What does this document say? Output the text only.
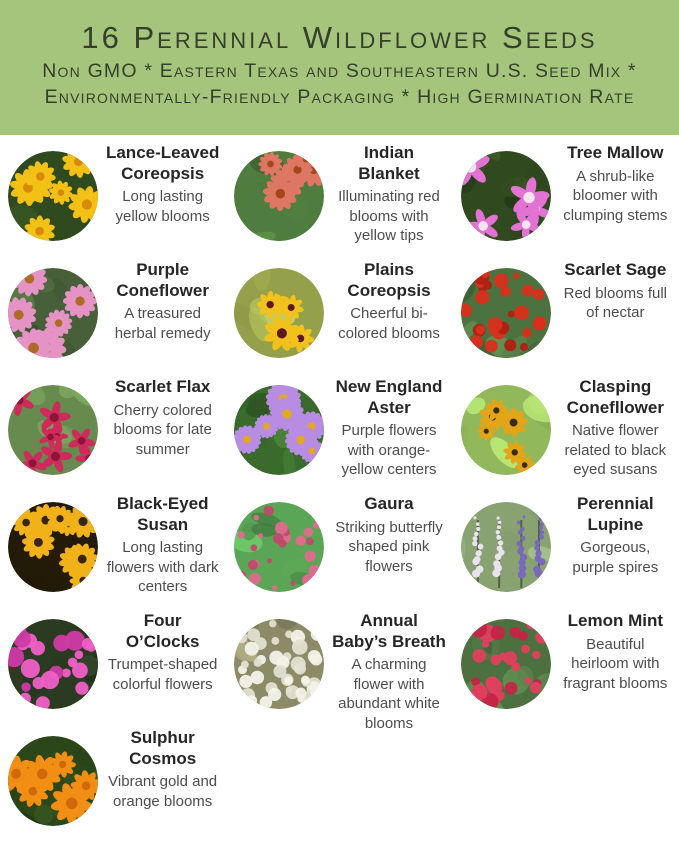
16 Perennial Wildflower Seeds
Non GMO * Eastern Texas and Southeastern U.S. Seed Mix * Environmentally-Friendly Packaging * High Germination Rate
Lance-Leaved Coreopsis
Long lasting yellow blooms
Indian Blanket
Illuminating red blooms with yellow tips
Tree Mallow
A shrub-like bloomer with clumping stems
Purple Coneflower
A treasured herbal remedy
Plains Coreopsis
Cheerful bi-colored blooms
Scarlet Sage
Red blooms full of nectar
Scarlet Flax
Cherry colored blooms for late summer
New England Aster
Purple flowers with orange-yellow centers
Clasping Conefllower
Native flower related to black eyed susans
Black-Eyed Susan
Long lasting flowers with dark centers
Gaura
Striking butterfly shaped pink flowers
Perennial Lupine
Gorgeous, purple spires
Four O’Clocks
Trumpet-shaped colorful flowers
Annual Baby’s Breath
A charming flower with abundant white blooms
Lemon Mint
Beautiful heirloom with fragrant blooms
Sulphur Cosmos
Vibrant gold and orange blooms
